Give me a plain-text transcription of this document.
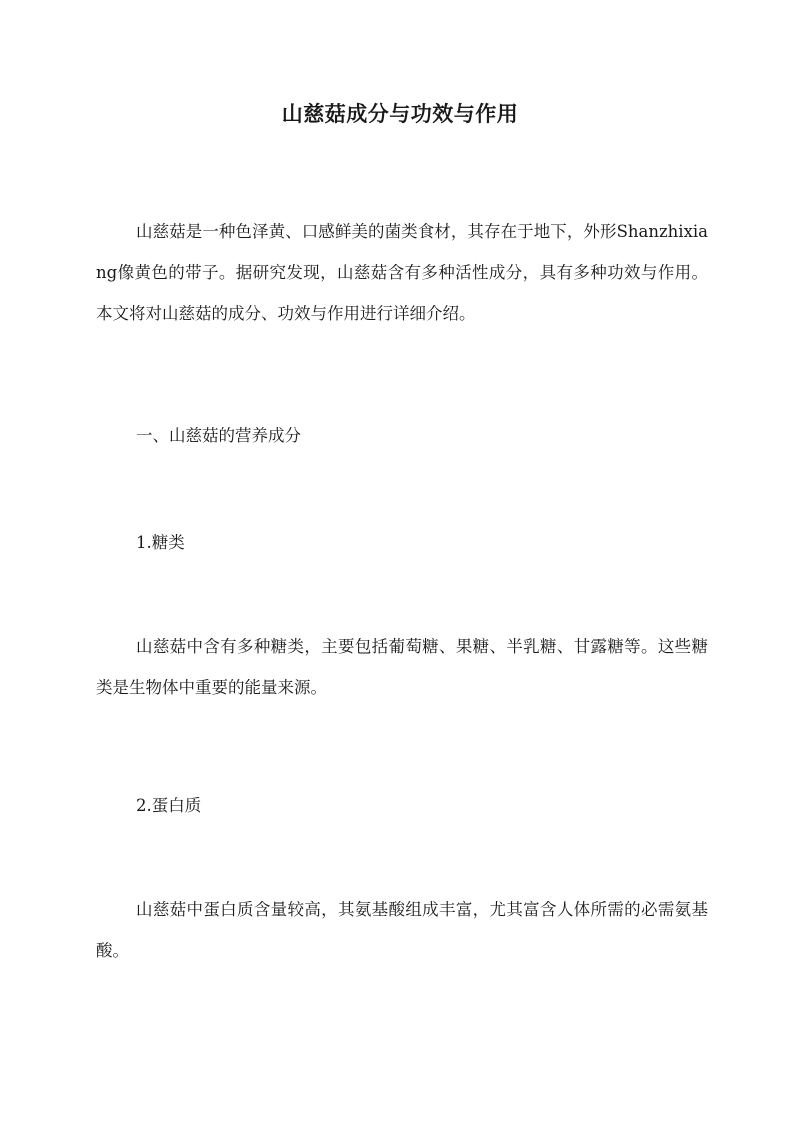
山慈菇成分与功效与作用

山慈菇是一种色泽黄、口感鲜美的菌类食材，其存在于地下，外形Shanzhixiang像黄色的带子。据研究发现，山慈菇含有多种活性成分，具有多种功效与作用。本文将对山慈菇的成分、功效与作用进行详细介绍。

一、山慈菇的营养成分

1.糖类

山慈菇中含有多种糖类，主要包括葡萄糖、果糖、半乳糖、甘露糖等。这些糖类是生物体中重要的能量来源。

2.蛋白质

山慈菇中蛋白质含量较高，其氨基酸组成丰富，尤其富含人体所需的必需氨基酸。
